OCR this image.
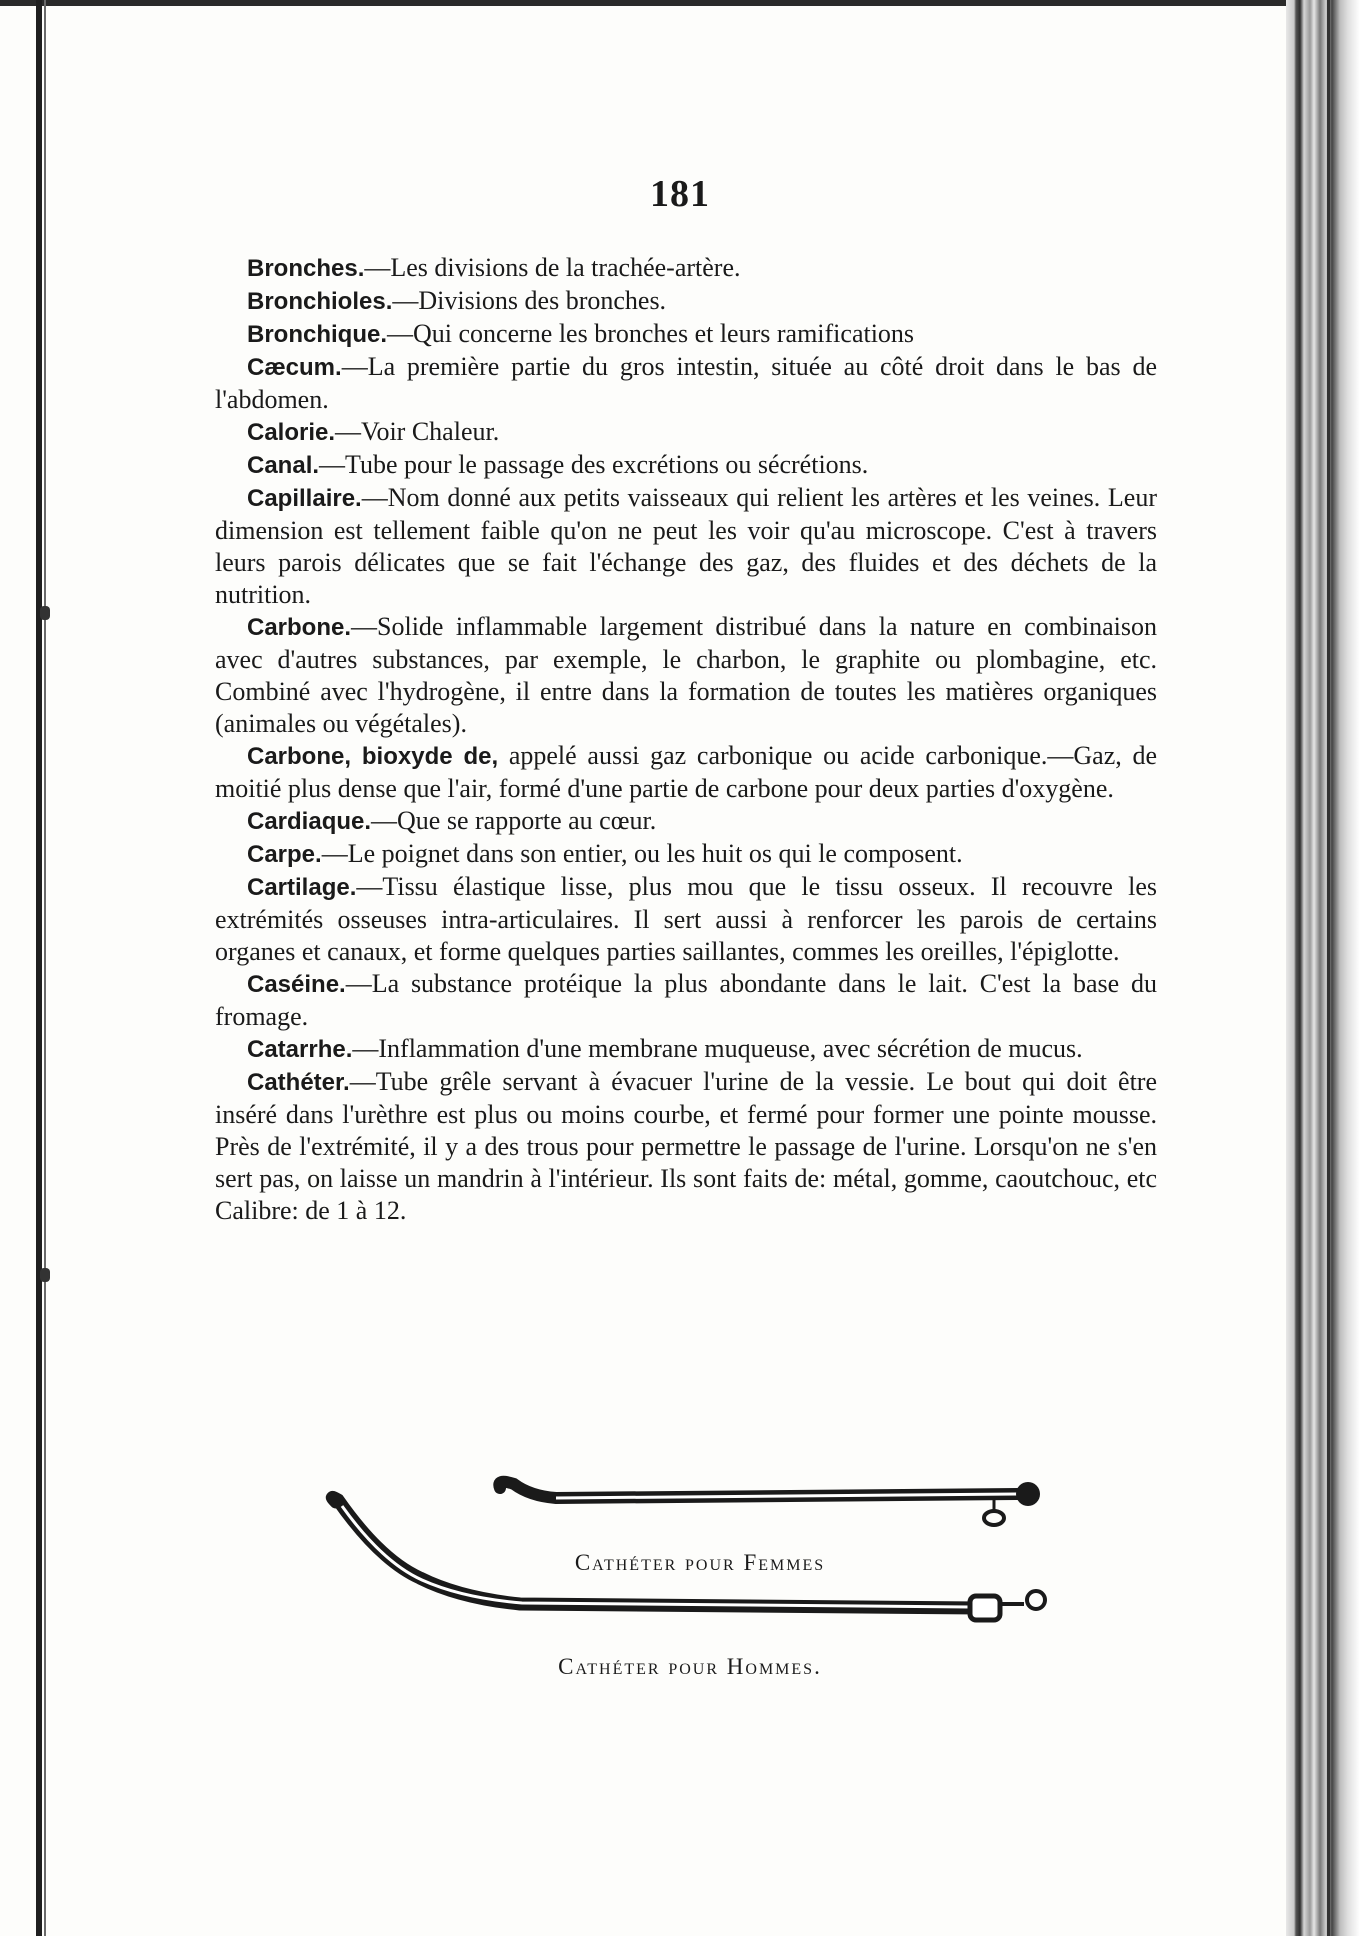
181

Bronches.—Les divisions de la trachée-artère.

Bronchioles.—Divisions des bronches.

Bronchique.—Qui concerne les bronches et leurs ramifications

Cæcum.—La première partie du gros intestin, située au côté droit dans le bas de l'abdomen.

Calorie.—Voir Chaleur.

Canal.—Tube pour le passage des excrétions ou sécrétions.

Capillaire.—Nom donné aux petits vaisseaux qui relient les artères et les veines. Leur dimension est tellement faible qu'on ne peut les voir qu'au microscope. C'est à travers leurs parois délicates que se fait l'échange des gaz, des fluides et des déchets de la nutrition.

Carbone.—Solide inflammable largement distribué dans la nature en combinaison avec d'autres substances, par exemple, le charbon, le graphite ou plombagine, etc. Combiné avec l'hydrogène, il entre dans la formation de toutes les matières organiques (animales ou végétales).

Carbone, bioxyde de, appelé aussi gaz carbonique ou acide carbonique.—Gaz, de moitié plus dense que l'air, formé d'une partie de carbone pour deux parties d'oxygène.

Cardiaque.—Que se rapporte au cœur.

Carpe.—Le poignet dans son entier, ou les huit os qui le composent.

Cartilage.—Tissu élastique lisse, plus mou que le tissu osseux. Il recouvre les extrémités osseuses intra-articulaires. Il sert aussi à renforcer les parois de certains organes et canaux, et forme quelques parties saillantes, commes les oreilles, l'épiglotte.

Caséine.—La substance protéique la plus abondante dans le lait. C'est la base du fromage.

Catarrhe.—Inflammation d'une membrane muqueuse, avec sécrétion de mucus.

Cathéter.—Tube grêle servant à évacuer l'urine de la vessie. Le bout qui doit être inséré dans l'urèthre est plus ou moins courbe, et fermé pour former une pointe mousse. Près de l'extrémité, il y a des trous pour permettre le passage de l'urine. Lorsqu'on ne s'en sert pas, on laisse un mandrin à l'intérieur. Ils sont faits de: métal, gomme, caoutchouc, etc Calibre: de 1 à 12.

Cathéter pour Femmes
Cathéter pour Hommes.
